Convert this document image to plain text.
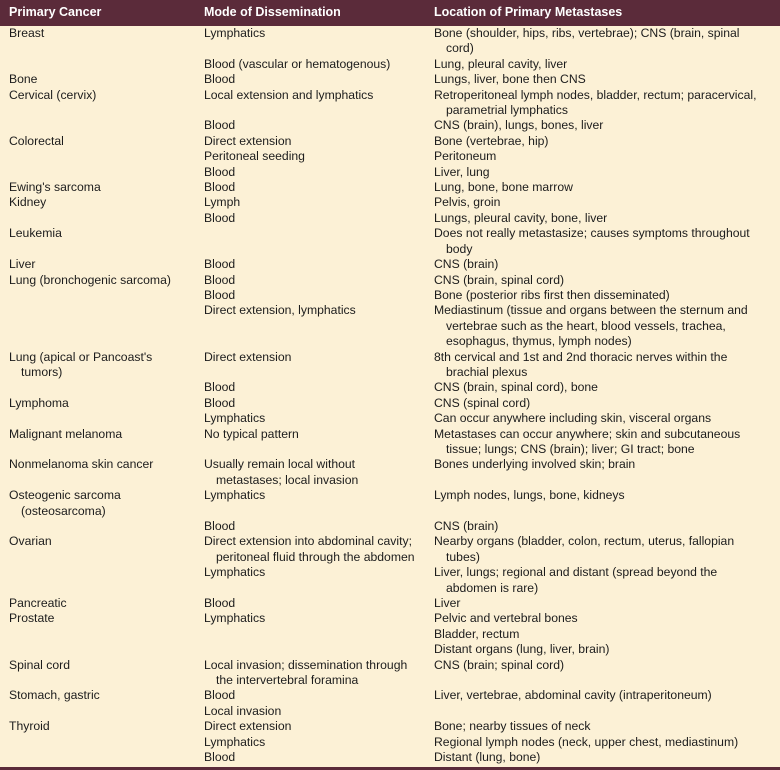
Primary Cancer	Mode of Dissemination	Location of Primary Metastases

Breast	Lymphatics	Bone (shoulder, hips, ribs, vertebrae); CNS (brain, spinal cord)

	Blood (vascular or hematogenous)	Lung, pleural cavity, liver

Bone	Blood	Lungs, liver, bone then CNS

Cervical (cervix)	Local extension and lymphatics	Retroperitoneal lymph nodes, bladder, rectum; paracervical, parametrial lymphatics

	Blood	CNS (brain), lungs, bones, liver

Colorectal	Direct extension	Bone (vertebrae, hip)

	Peritoneal seeding	Peritoneum

	Blood	Liver, lung

Ewing's sarcoma	Blood	Lung, bone, bone marrow

Kidney	Lymph	Pelvis, groin

	Blood	Lungs, pleural cavity, bone, liver

Leukemia		Does not really metastasize; causes symptoms throughout body

Liver	Blood	CNS (brain)

Lung (bronchogenic sarcoma)	Blood	CNS (brain, spinal cord)

	Blood	Bone (posterior ribs first then disseminated)

	Direct extension, lymphatics	Mediastinum (tissue and organs between the sternum and vertebrae such as the heart, blood vessels, trachea, esophagus, thymus, lymph nodes)

Lung (apical or Pancoast's tumors)	Direct extension	8th cervical and 1st and 2nd thoracic nerves within the brachial plexus

	Blood	CNS (brain, spinal cord), bone

Lymphoma	Blood	CNS (spinal cord)

	Lymphatics	Can occur anywhere including skin, visceral organs

Malignant melanoma	No typical pattern	Metastases can occur anywhere; skin and subcutaneous tissue; lungs; CNS (brain); liver; GI tract; bone

Nonmelanoma skin cancer	Usually remain local without metastases; local invasion	Bones underlying involved skin; brain

Osteogenic sarcoma (osteosarcoma)	Lymphatics	Lymph nodes, lungs, bone, kidneys

	Blood	CNS (brain)

Ovarian	Direct extension into abdominal cavity; peritoneal fluid through the abdomen	Nearby organs (bladder, colon, rectum, uterus, fallopian tubes)

	Lymphatics	Liver, lungs; regional and distant (spread beyond the abdomen is rare)

Pancreatic	Blood	Liver

Prostate	Lymphatics	Pelvic and vertebral bones

		Bladder, rectum

		Distant organs (lung, liver, brain)

Spinal cord	Local invasion; dissemination through the intervertebral foramina	CNS (brain; spinal cord)

Stomach, gastric	Blood	Liver, vertebrae, abdominal cavity (intraperitoneum)

	Local invasion	

Thyroid	Direct extension	Bone; nearby tissues of neck

	Lymphatics	Regional lymph nodes (neck, upper chest, mediastinum)

	Blood	Distant (lung, bone)
